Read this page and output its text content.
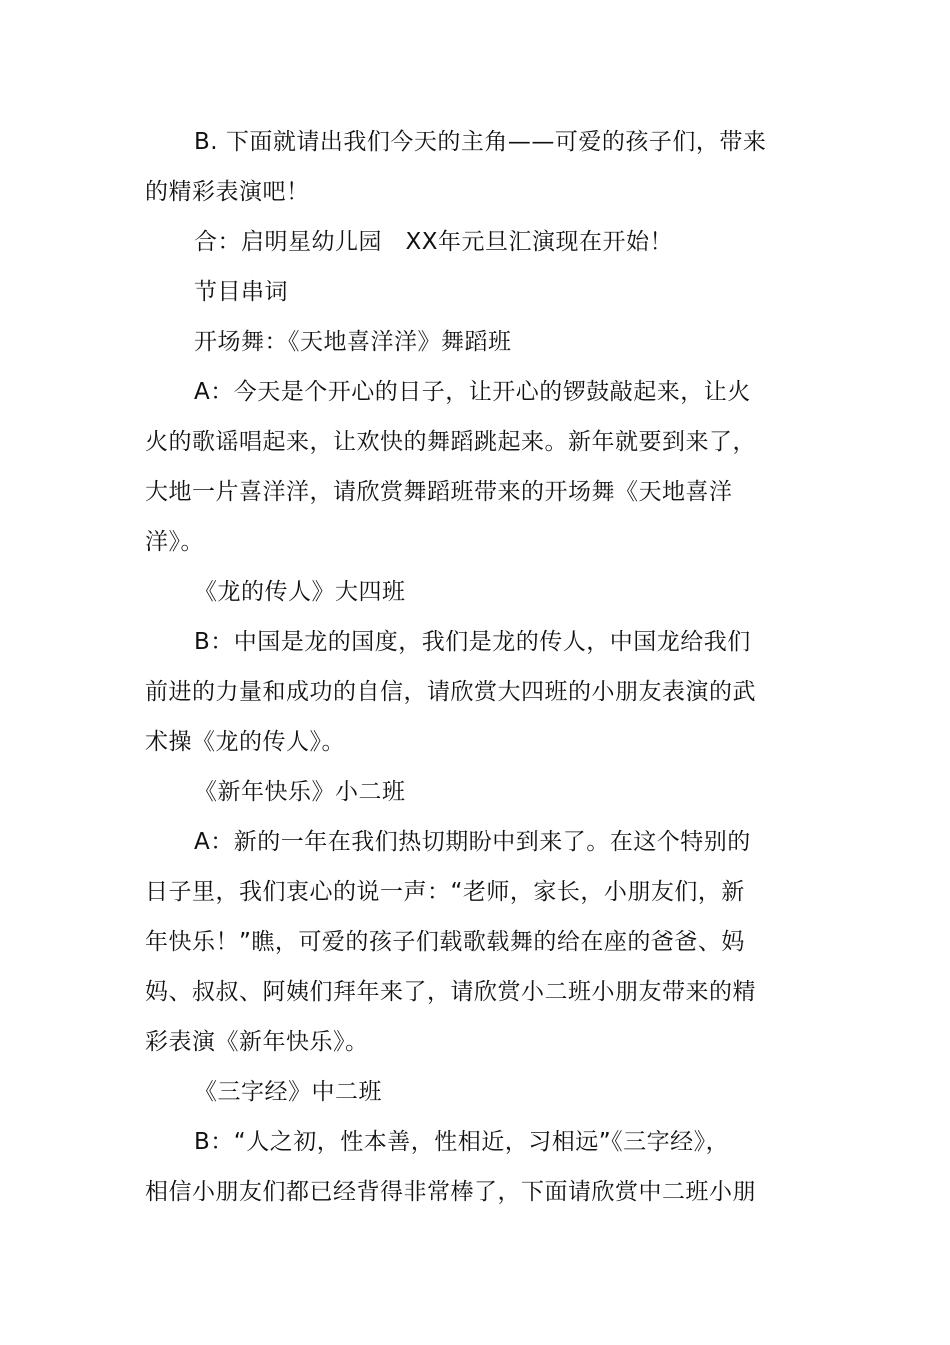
B. 下面就请出我们今天的主角——可爱的孩子们，带来
的精彩表演吧！
合：启明星幼儿园　XX年元旦汇演现在开始！
节目串词
开场舞：《天地喜洋洋》舞蹈班
A：今天是个开心的日子，让开心的锣鼓敲起来，让火
火的歌谣唱起来，让欢快的舞蹈跳起来。新年就要到来了，
大地一片喜洋洋，请欣赏舞蹈班带来的开场舞《天地喜洋
洋》。
《龙的传人》大四班
B：中国是龙的国度，我们是龙的传人，中国龙给我们
前进的力量和成功的自信，请欣赏大四班的小朋友表演的武
术操《龙的传人》。
《新年快乐》小二班
A：新的一年在我们热切期盼中到来了。在这个特别的
日子里，我们衷心的说一声：“老师，家长，小朋友们，新
年快乐！”瞧，可爱的孩子们载歌载舞的给在座的爸爸、妈
妈、叔叔、阿姨们拜年来了，请欣赏小二班小朋友带来的精
彩表演《新年快乐》。
《三字经》中二班
B：“人之初，性本善，性相近，习相远”《三字经》，
相信小朋友们都已经背得非常棒了，下面请欣赏中二班小朋
